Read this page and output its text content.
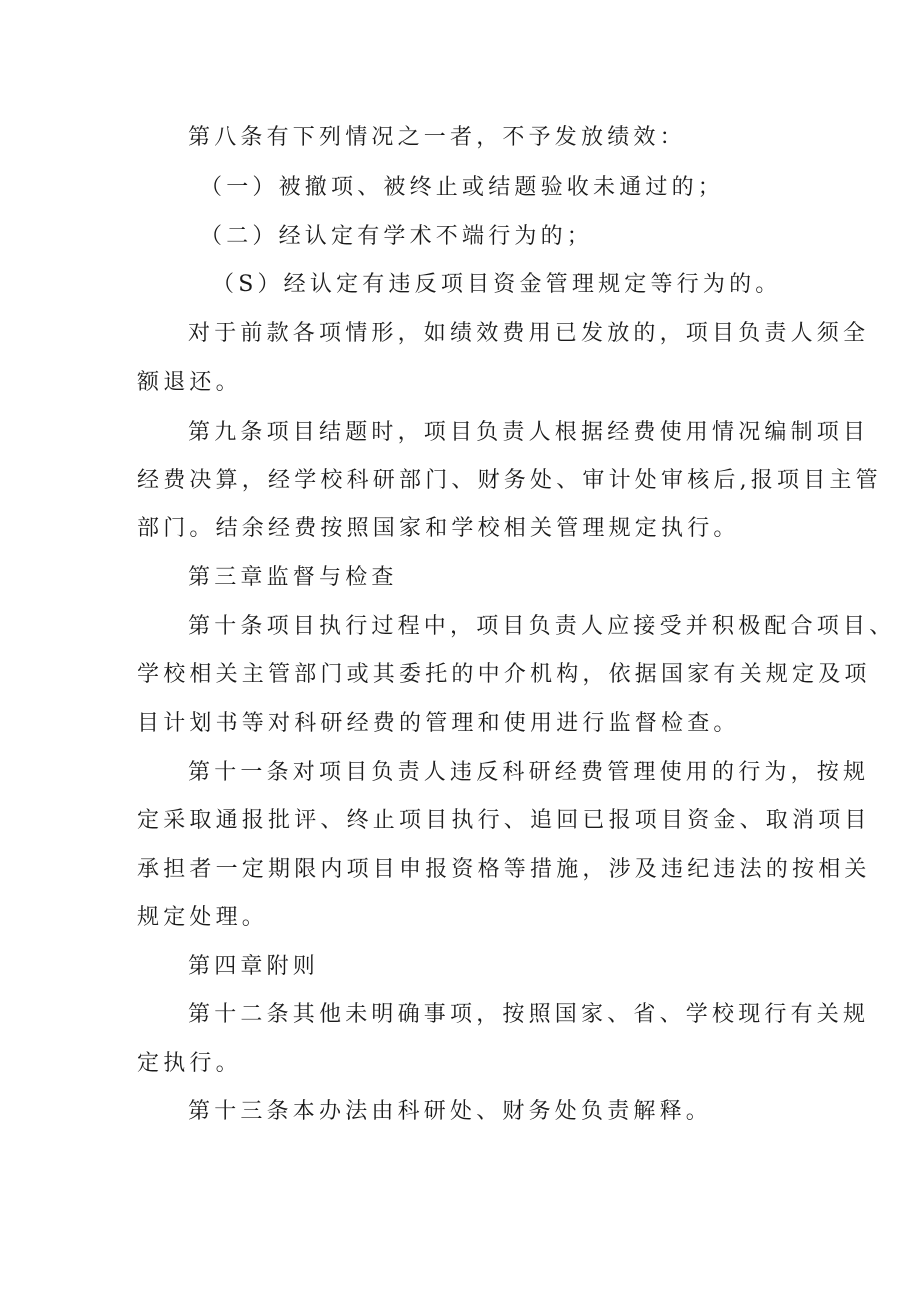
第八条有下列情况之一者，不予发放绩效：
（一）被撤项、被终止或结题验收未通过的；
（二）经认定有学术不端行为的；
（S）经认定有违反项目资金管理规定等行为的。
对于前款各项情形，如绩效费用已发放的，项目负责人须全
额退还。
第九条项目结题时，项目负责人根据经费使用情况编制项目
经费决算，经学校科研部门、财务处、审计处审核后,报项目主管
部门。结余经费按照国家和学校相关管理规定执行。
第三章监督与检查
第十条项目执行过程中，项目负责人应接受并积极配合项目、
学校相关主管部门或其委托的中介机构，依据国家有关规定及项
目计划书等对科研经费的管理和使用进行监督检查。
第十一条对项目负责人违反科研经费管理使用的行为，按规
定采取通报批评、终止项目执行、追回已报项目资金、取消项目
承担者一定期限内项目申报资格等措施，涉及违纪违法的按相关
规定处理。
第四章附则
第十二条其他未明确事项，按照国家、省、学校现行有关规
定执行。
第十三条本办法由科研处、财务处负责解释。
